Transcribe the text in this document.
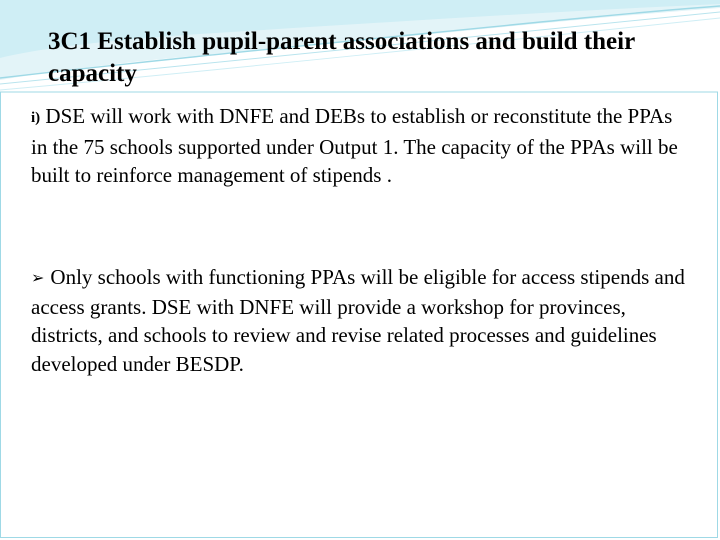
3C1 Establish pupil-parent associations and build their capacity

i) DSE will work with DNFE and DEBs to establish or reconstitute the PPAs in the 75 schools supported under Output 1. The capacity of the PPAs will be built to reinforce management of stipends .

➢ Only schools with functioning PPAs will be eligible for access stipends and access grants. DSE with DNFE will provide a workshop for provinces, districts, and schools to review and revise related processes and guidelines developed under BESDP.
